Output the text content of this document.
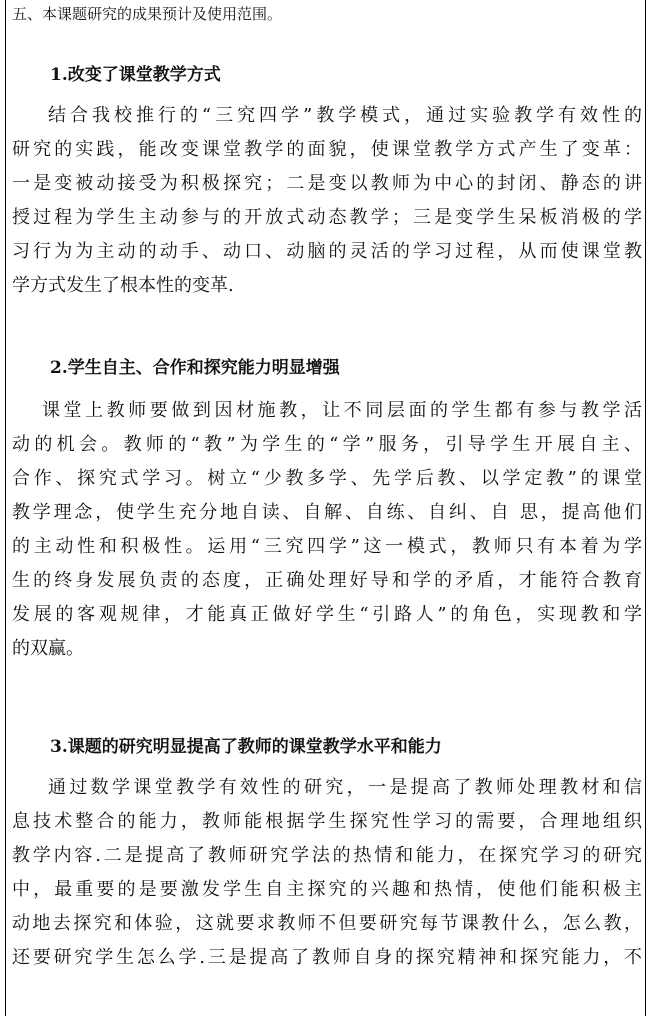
五、本课题研究的成果预计及使用范围。
1.改变了课堂教学方式
结合我校推行的“三究四学”教学模式，通过实验教学有效性的
研究的实践，能改变课堂教学的面貌，使课堂教学方式产生了变革：
一是变被动接受为积极探究；二是变以教师为中心的封闭、静态的讲
授过程为学生主动参与的开放式动态教学；三是变学生呆板消极的学
习行为为主动的动手、动口、动脑的灵活的学习过程，从而使课堂教
学方式发生了根本性的变革.
2.学生自主、合作和探究能力明显增强
课堂上教师要做到因材施教，让不同层面的学生都有参与教学活
动的机会。教师的“教”为学生的“学”服务，引导学生开展自主、
合作、探究式学习。树立“少教多学、先学后教、以学定教”的课堂
教学理念，使学生充分地自读、自解、自练、自纠、自 思，提高他们
的主动性和积极性。运用“三究四学”这一模式，教师只有本着为学
生的终身发展负责的态度，正确处理好导和学的矛盾，才能符合教育
发展的客观规律，才能真正做好学生“引路人”的角色，实现教和学
的双赢。
3.课题的研究明显提高了教师的课堂教学水平和能力
通过数学课堂教学有效性的研究，一是提高了教师处理教材和信
息技术整合的能力，教师能根据学生探究性学习的需要，合理地组织
教学内容.二是提高了教师研究学法的热情和能力，在探究学习的研究
中，最重要的是要激发学生自主探究的兴趣和热情，使他们能积极主
动地去探究和体验，这就要求教师不但要研究每节课教什么，怎么教，
还要研究学生怎么学.三是提高了教师自身的探究精神和探究能力，不
